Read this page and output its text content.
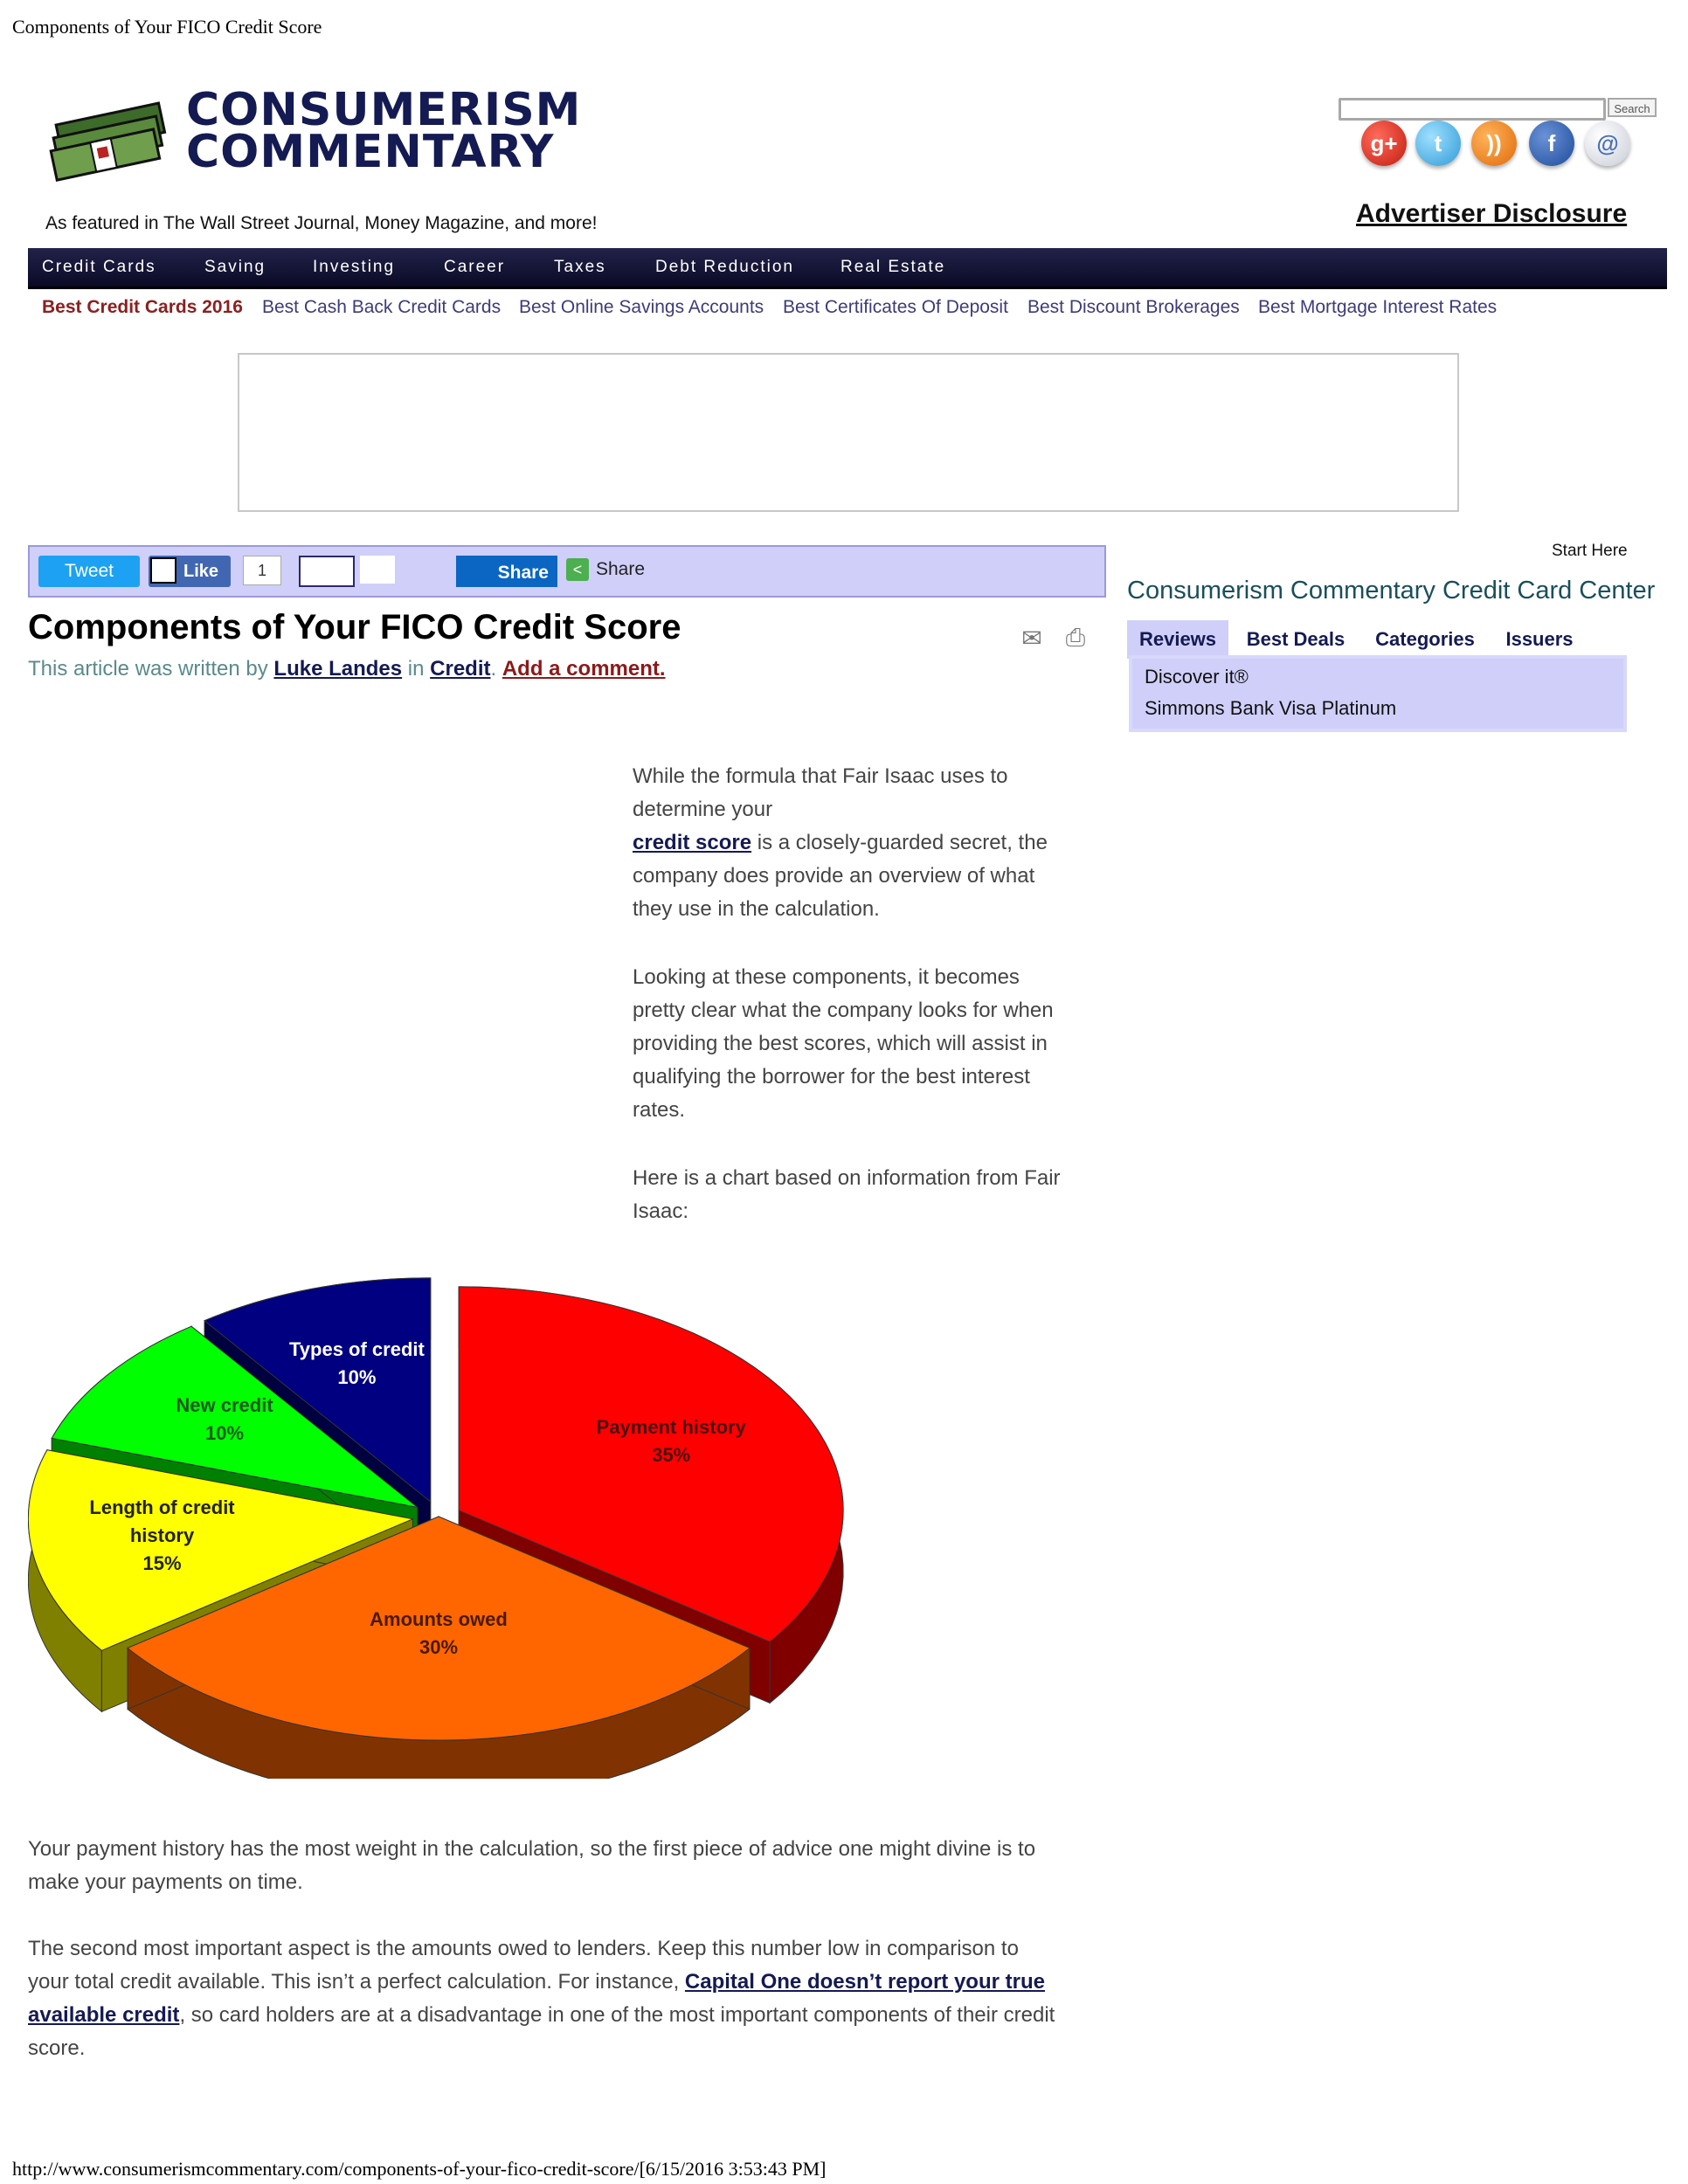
Components of Your FICO Credit Score
CONSUMERISM
COMMENTARY
As featured in The Wall Street Journal, Money Magazine, and more!
Search
g+	t	))	f	@
Advertiser Disclosure
Credit Cards	Saving	Investing	Career	Taxes	Debt Reduction	Real Estate
Best Credit Cards 2016 Best Cash Back Credit Cards Best Online Savings Accounts Best Certificates Of Deposit Best Discount Brokerages Best Mortgage Interest Rates
Tweet	Like	1	Share	< Share
Components of Your FICO Credit Score
This article was written by Luke Landes in Credit. Add a comment.
✉ ⎙
While the formula that Fair Isaac uses to
determine your
credit score is a closely-guarded secret, the
company does provide an overview of what
they use in the calculation.
Looking at these components, it becomes
pretty clear what the company looks for when
providing the best scores, which will assist in
qualifying the borrower for the best interest
rates.
Here is a chart based on information from Fair
Isaac:
Payment history 35%
Amounts owed 30%
Length of credit history 15%
New credit 10%
Types of credit 10%
Your payment history has the most weight in the calculation, so the first piece of advice one might divine is to
make your payments on time.
The second most important aspect is the amounts owed to lenders. Keep this number low in comparison to
your total credit available. This isn’t a perfect calculation. For instance, Capital One doesn’t report your true
available credit, so card holders are at a disadvantage in one of the most important components of their credit
score.
Start Here
Consumerism Commentary Credit Card Center
Reviews	Best Deals	Categories	Issuers
Discover it®
Simmons Bank Visa Platinum
http://www.consumerismcommentary.com/components-of-your-fico-credit-score/[6/15/2016 3:53:43 PM]
